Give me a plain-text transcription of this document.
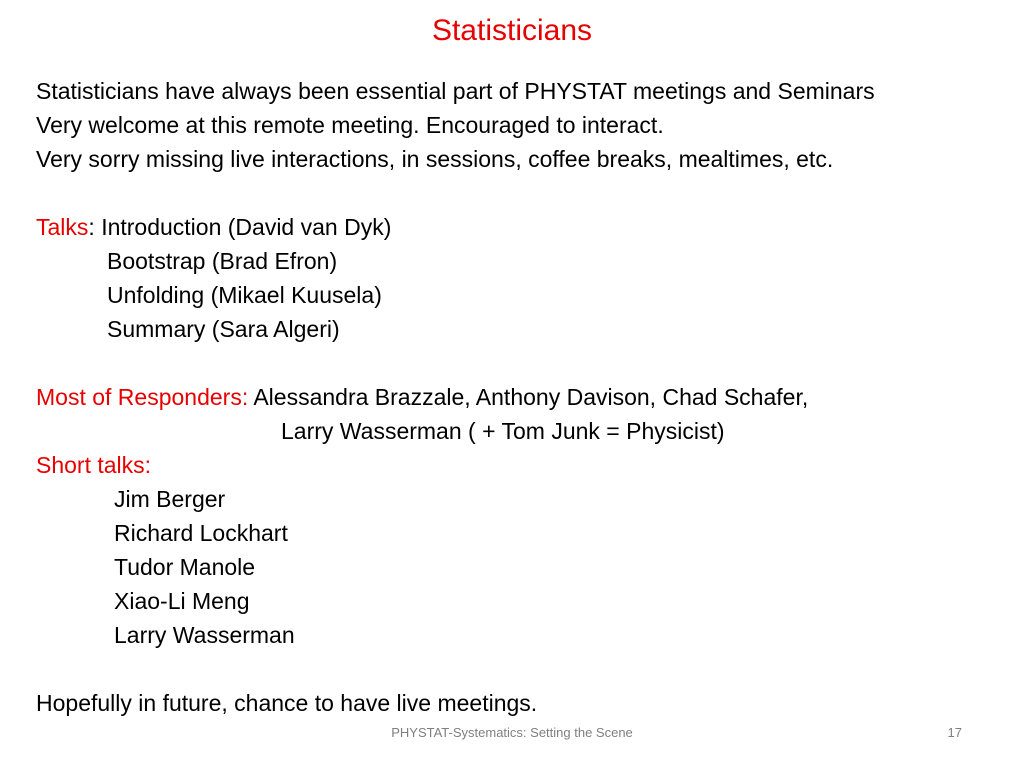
Statisticians
Statisticians have always been essential part of PHYSTAT meetings and Seminars
Very welcome at this remote meeting. Encouraged to interact.
Very sorry missing live interactions, in sessions, coffee breaks, mealtimes, etc.
Talks: Introduction (David van Dyk)
Bootstrap (Brad Efron)
Unfolding (Mikael Kuusela)
Summary (Sara Algeri)
Most of Responders: Alessandra Brazzale, Anthony Davison, Chad Schafer,
Larry Wasserman ( + Tom Junk = Physicist)
Short talks:
Jim Berger
Richard Lockhart
Tudor Manole
Xiao-Li Meng
Larry Wasserman
Hopefully in future, chance to have live meetings.
PHYSTAT-Systematics: Setting the Scene	17
